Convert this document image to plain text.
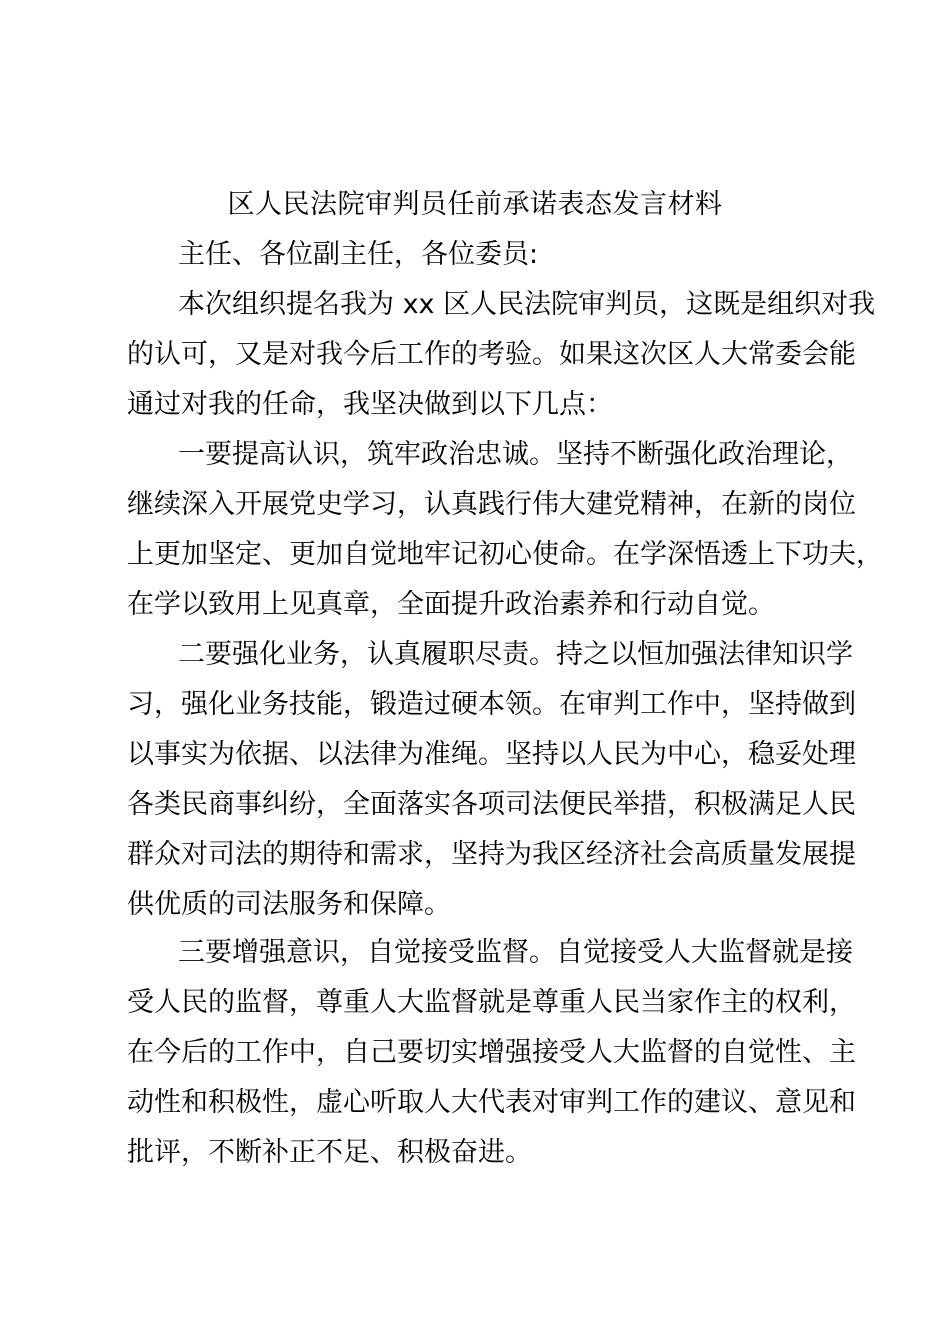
区人民法院审判员任前承诺表态发言材料
主任、各位副主任，各位委员:
本次组织提名我为 xx 区人民法院审判员，这既是组织对我
的认可，又是对我今后工作的考验。如果这次区人大常委会能
通过对我的任命，我坚决做到以下几点：
一要提高认识，筑牢政治忠诚。坚持不断强化政治理论，
继续深入开展党史学习，认真践行伟大建党精神，在新的岗位
上更加坚定、更加自觉地牢记初心使命。在学深悟透上下功夫，
在学以致用上见真章，全面提升政治素养和行动自觉。
二要强化业务，认真履职尽责。持之以恒加强法律知识学
习，强化业务技能，锻造过硬本领。在审判工作中，坚持做到
以事实为依据、以法律为准绳。坚持以人民为中心，稳妥处理
各类民商事纠纷，全面落实各项司法便民举措，积极满足人民
群众对司法的期待和需求，坚持为我区经济社会高质量发展提
供优质的司法服务和保障。
三要增强意识，自觉接受监督。自觉接受人大监督就是接
受人民的监督，尊重人大监督就是尊重人民当家作主的权利，
在今后的工作中，自己要切实增强接受人大监督的自觉性、主
动性和积极性，虚心听取人大代表对审判工作的建议、意见和
批评，不断补正不足、积极奋进。
